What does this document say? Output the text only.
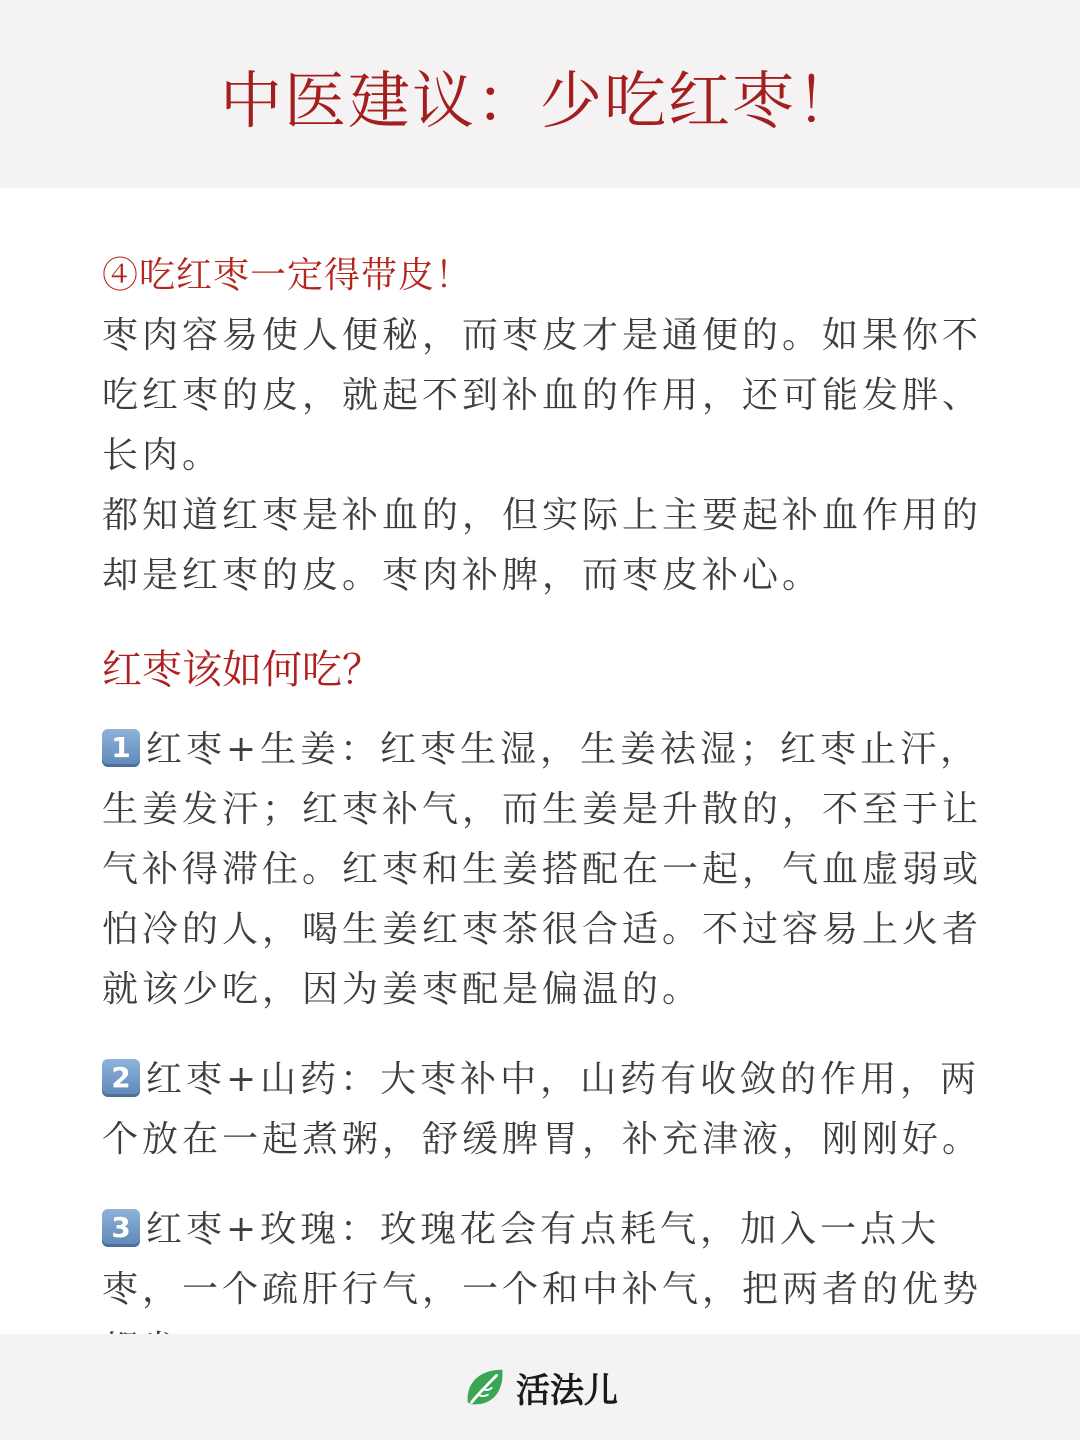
中医建议：少吃红枣！
④吃红枣一定得带皮！
枣肉容易使人便秘，而枣皮才是通便的。如果你不吃红枣的皮，就起不到补血的作用，还可能发胖、长肉。
都知道红枣是补血的，但实际上主要起补血作用的却是红枣的皮。枣肉补脾，而枣皮补心。
红枣该如何吃？
1 红枣+生姜：红枣生湿，生姜祛湿；红枣止汗，生姜发汗；红枣补气，而生姜是升散的，不至于让气补得滞住。红枣和生姜搭配在一起，气血虚弱或怕冷的人，喝生姜红枣茶很合适。不过容易上火者就该少吃，因为姜枣配是偏温的。
2 红枣+山药：大枣补中，山药有收敛的作用，两个放在一起煮粥，舒缓脾胃，补充津液，刚刚好。
3 红枣+玫瑰：玫瑰花会有点耗气，加入一点大枣，一个疏肝行气，一个和中补气，把两者的优势
活法儿
